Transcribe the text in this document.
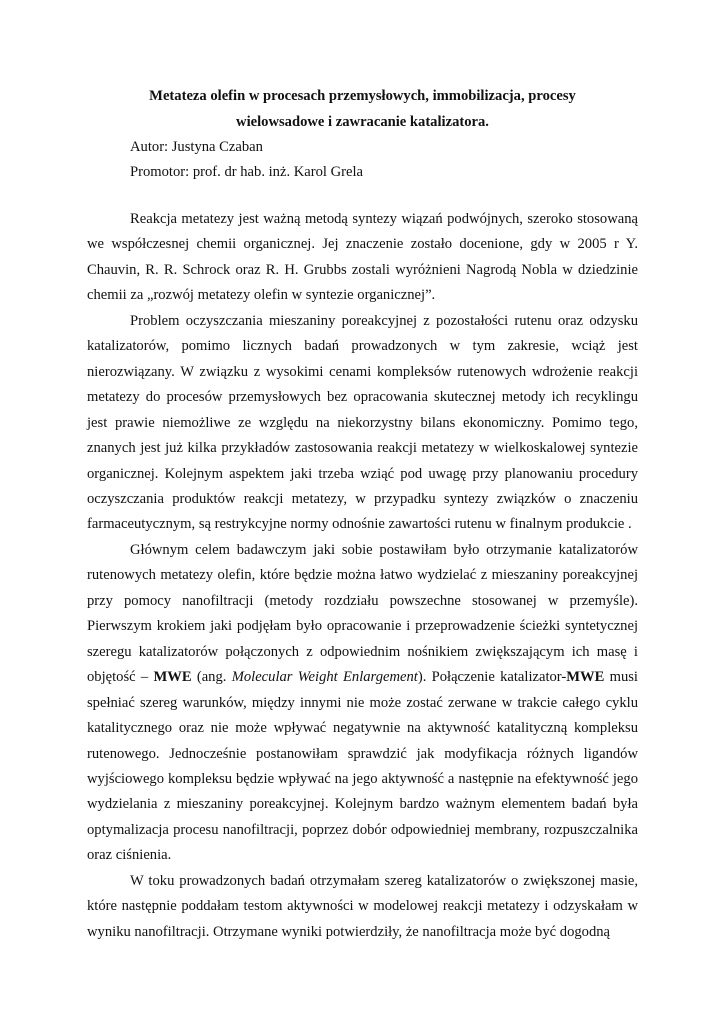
Metateza olefin w procesach przemysłowych, immobilizacja, procesy
wielowsadowe i zawracanie katalizatora.
Autor: Justyna Czaban
Promotor: prof. dr hab. inż. Karol Grela

Reakcja metatezy jest ważną metodą syntezy wiązań podwójnych, szeroko stosowaną we współczesnej chemii organicznej. Jej znaczenie zostało docenione, gdy w 2005 r Y. Chauvin, R. R. Schrock oraz R. H. Grubbs zostali wyróżnieni Nagrodą Nobla w dziedzinie chemii za „rozwój metatezy olefin w syntezie organicznej”.

Problem oczyszczania mieszaniny poreakcyjnej z pozostałości rutenu oraz odzysku katalizatorów, pomimo licznych badań prowadzonych w tym zakresie, wciąż jest nierozwiązany. W związku z wysokimi cenami kompleksów rutenowych wdrożenie reakcji metatezy do procesów przemysłowych bez opracowania skutecznej metody ich recyklingu jest prawie niemożliwe ze względu na niekorzystny bilans ekonomiczny. Pomimo tego, znanych jest już kilka przykładów zastosowania reakcji metatezy w wielkoskalowej syntezie organicznej. Kolejnym aspektem jaki trzeba wziąć pod uwagę przy planowaniu procedury oczyszczania produktów reakcji metatezy, w przypadku syntezy związków o znaczeniu farmaceutycznym, są restrykcyjne normy odnośnie zawartości rutenu w finalnym produkcie .

Głównym celem badawczym jaki sobie postawiłam było otrzymanie katalizatorów rutenowych metatezy olefin, które będzie można łatwo wydzielać z mieszaniny poreakcyjnej przy pomocy nanofiltracji (metody rozdziału powszechne stosowanej w przemyśle). Pierwszym krokiem jaki podjęłam było opracowanie i przeprowadzenie ścieżki syntetycznej szeregu katalizatorów połączonych z odpowiednim nośnikiem zwiększającym ich masę i objętość – MWE (ang. Molecular Weight Enlargement). Połączenie katalizator-MWE musi spełniać szereg warunków, między innymi nie może zostać zerwane w trakcie całego cyklu katalitycznego oraz nie może wpływać negatywnie na aktywność katalityczną kompleksu rutenowego. Jednocześnie postanowiłam sprawdzić jak modyfikacja różnych ligandów wyjściowego kompleksu będzie wpływać na jego aktywność a następnie na efektywność jego wydzielania z mieszaniny poreakcyjnej. Kolejnym bardzo ważnym elementem badań była optymalizacja procesu nanofiltracji, poprzez dobór odpowiedniej membrany, rozpuszczalnika oraz ciśnienia.

W toku prowadzonych badań otrzymałam szereg katalizatorów o zwiększonej masie, które następnie poddałam testom aktywności w modelowej reakcji metatezy i odzyskałam w wyniku nanofiltracji. Otrzymane wyniki potwierdziły, że nanofiltracja może być dogodną
